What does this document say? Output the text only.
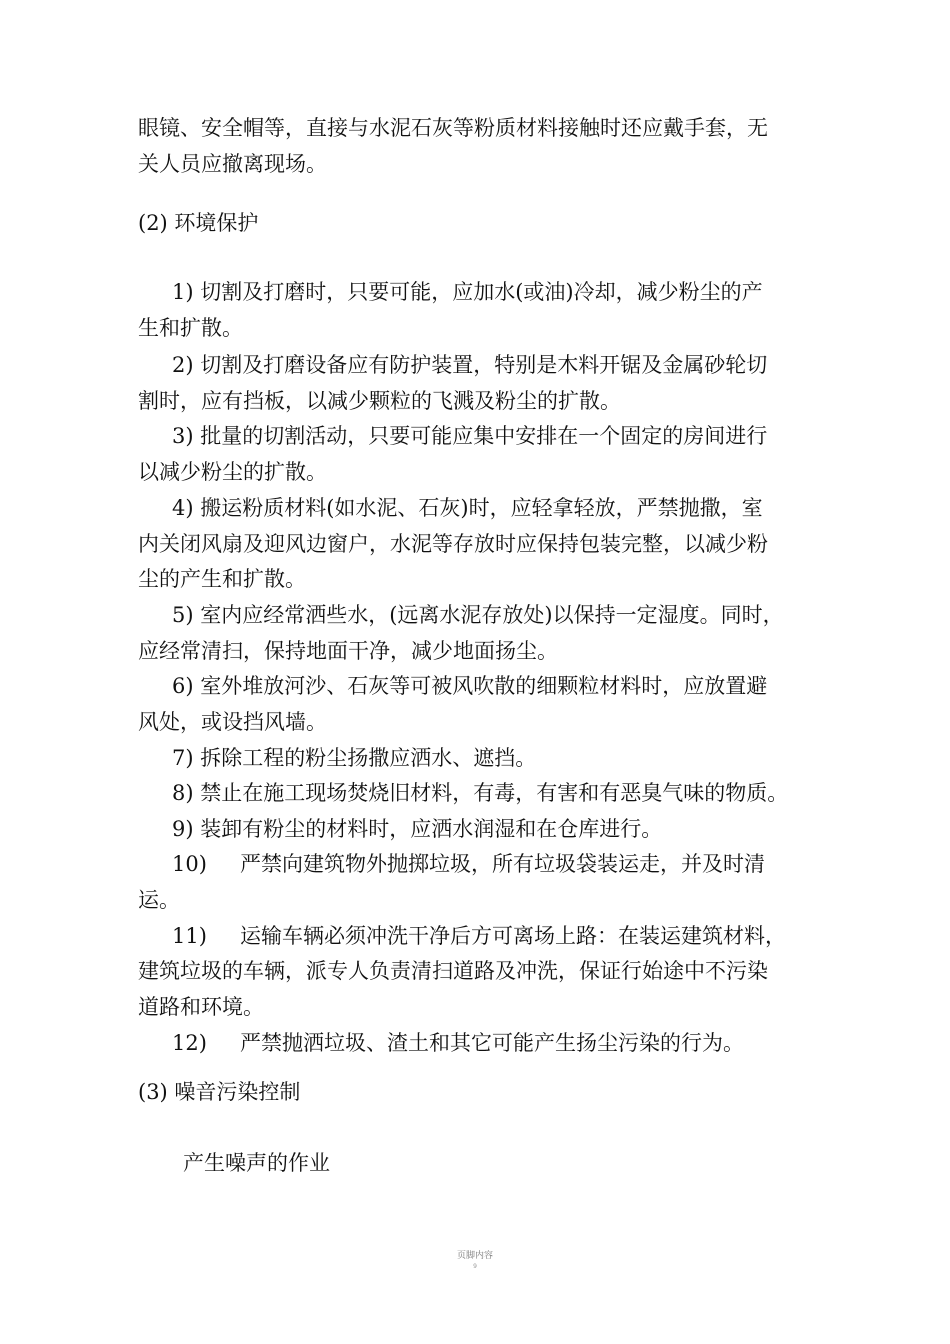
眼镜、安全帽等，直接与水泥石灰等粉质材料接触时还应戴手套，无
关人员应撤离现场。
(2) 环境保护
1) 切割及打磨时，只要可能，应加水(或油)冷却，减少粉尘的产
生和扩散。
2) 切割及打磨设备应有防护装置，特别是木料开锯及金属砂轮切
割时，应有挡板，以减少颗粒的飞溅及粉尘的扩散。
3) 批量的切割活动，只要可能应集中安排在一个固定的房间进行
以减少粉尘的扩散。
4) 搬运粉质材料(如水泥、石灰)时，应轻拿轻放，严禁抛撒，室
内关闭风扇及迎风边窗户，水泥等存放时应保持包装完整，以减少粉
尘的产生和扩散。
5) 室内应经常洒些水，(远离水泥存放处)以保持一定湿度。同时，
应经常清扫，保持地面干净，减少地面扬尘。
6) 室外堆放河沙、石灰等可被风吹散的细颗粒材料时，应放置避
风处，或设挡风墙。
7) 拆除工程的粉尘扬撒应洒水、遮挡。
8) 禁止在施工现场焚烧旧材料，有毒，有害和有恶臭气味的物质。
9) 装卸有粉尘的材料时，应洒水润湿和在仓库进行。
10) 严禁向建筑物外抛掷垃圾，所有垃圾袋装运走，并及时清
运。
11) 运输车辆必须冲洗干净后方可离场上路：在装运建筑材料，
建筑垃圾的车辆，派专人负责清扫道路及冲洗，保证行始途中不污染
道路和环境。
12) 严禁抛洒垃圾、渣土和其它可能产生扬尘污染的行为。
(3) 噪音污染控制
产生噪声的作业
页脚内容
9
